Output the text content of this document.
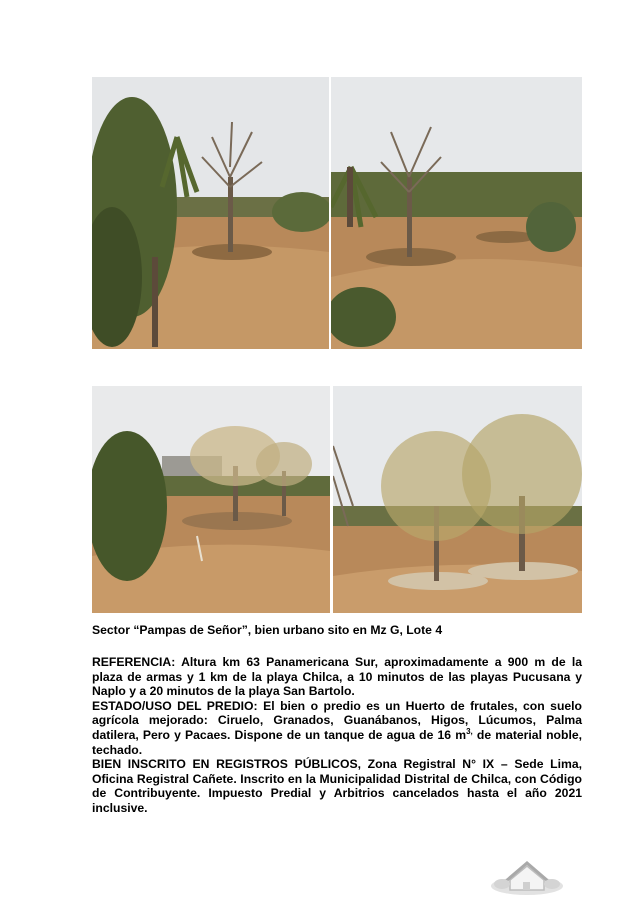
Sector “Pampas de Señor”, bien urbano sito en Mz G, Lote 4

REFERENCIA: Altura km 63 Panamericana Sur, aproximadamente a 900 m de la plaza de armas y 1 km de la playa Chilca, a 10 minutos de las playas Pucusana y Naplo y a 20 minutos de la playa San Bartolo.

ESTADO/USO DEL PREDIO: El bien o predio es un Huerto de frutales, con suelo agrícola mejorado: Ciruelo, Granados, Guanábanos, Higos, Lúcumos, Palma datilera, Pero y Pacaes. Dispone de un tanque de agua de 16 $m^{3,}$ de material noble, techado.

BIEN INSCRITO EN REGISTROS PÚBLICOS, Zona Registral N° IX – Sede Lima, Oficina Registral Cañete. Inscrito en la Municipalidad Distrital de Chilca, con Código de Contribuyente. Impuesto Predial y Arbitrios cancelados hasta el año 2021 inclusive.
